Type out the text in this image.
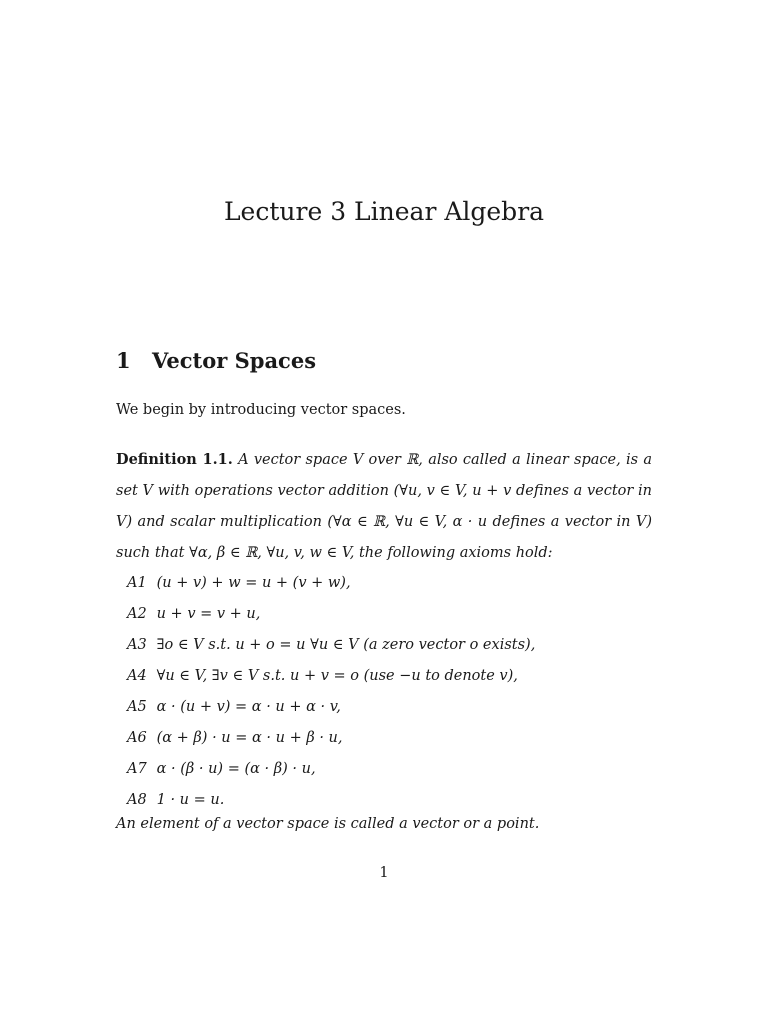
Lecture 3 Linear Algebra
1 Vector Spaces
We begin by introducing vector spaces.
Definition 1.1. A vector space V over ℝ, also called a linear space, is a set V with operations vector addition (∀u, v ∈ V, u + v defines a vector in V) and scalar multiplication (∀α ∈ ℝ, ∀u ∈ V, α · u defines a vector in V) such that ∀α, β ∈ ℝ, ∀u, v, w ∈ V, the following axioms hold:
A1 (u + v) + w = u + (v + w),
A2 u + v = v + u,
A3 ∃o ∈ V s.t. u + o = u ∀u ∈ V (a zero vector o exists),
A4 ∀u ∈ V, ∃v ∈ V s.t. u + v = o (use −u to denote v),
A5 α · (u + v) = α · u + α · v,
A6 (α + β) · u = α · u + β · u,
A7 α · (β · u) = (α · β) · u,
A8 1 · u = u.
An element of a vector space is called a vector or a point.
1
